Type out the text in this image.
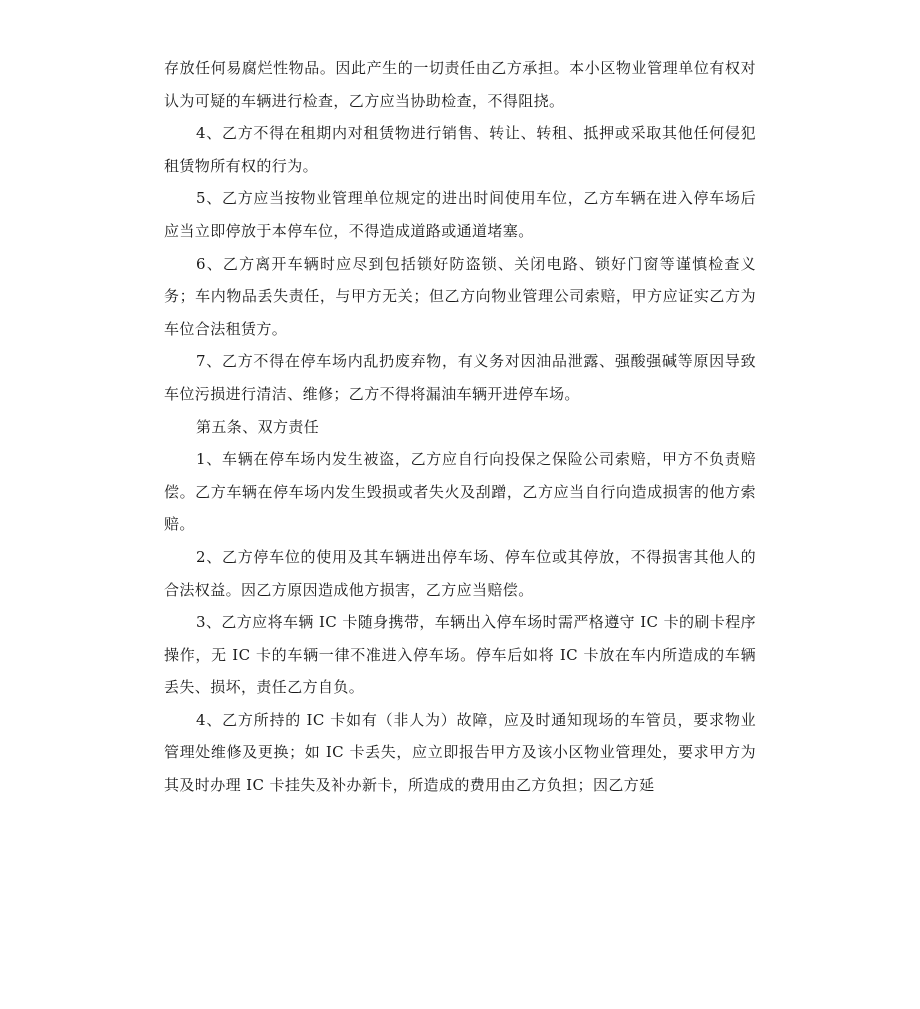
存放任何易腐烂性物品。因此产生的一切责任由乙方承担。本小区物业管理单位有权对认为可疑的车辆进行检查，乙方应当协助检查，不得阻挠。

4、乙方不得在租期内对租赁物进行销售、转让、转租、抵押或采取其他任何侵犯租赁物所有权的行为。

5、乙方应当按物业管理单位规定的进出时间使用车位，乙方车辆在进入停车场后应当立即停放于本停车位，不得造成道路或通道堵塞。

6、乙方离开车辆时应尽到包括锁好防盗锁、关闭电路、锁好门窗等谨慎检查义务；车内物品丢失责任，与甲方无关；但乙方向物业管理公司索赔，甲方应证实乙方为车位合法租赁方。

7、乙方不得在停车场内乱扔废弃物，有义务对因油品泄露、强酸强碱等原因导致车位污损进行清洁、维修；乙方不得将漏油车辆开进停车场。

第五条、双方责任

1、车辆在停车场内发生被盗，乙方应自行向投保之保险公司索赔，甲方不负责赔偿。乙方车辆在停车场内发生毁损或者失火及刮蹭，乙方应当自行向造成损害的他方索赔。

2、乙方停车位的使用及其车辆进出停车场、停车位或其停放，不得损害其他人的合法权益。因乙方原因造成他方损害，乙方应当赔偿。

3、乙方应将车辆 IC 卡随身携带，车辆出入停车场时需严格遵守 IC 卡的刷卡程序操作，无 IC 卡的车辆一律不准进入停车场。停车后如将 IC 卡放在车内所造成的车辆丢失、损坏，责任乙方自负。

4、乙方所持的 IC 卡如有（非人为）故障，应及时通知现场的车管员，要求物业管理处维修及更换；如 IC 卡丢失，应立即报告甲方及该小区物业管理处，要求甲方为其及时办理 IC 卡挂失及补办新卡，所造成的费用由乙方负担；因乙方延
